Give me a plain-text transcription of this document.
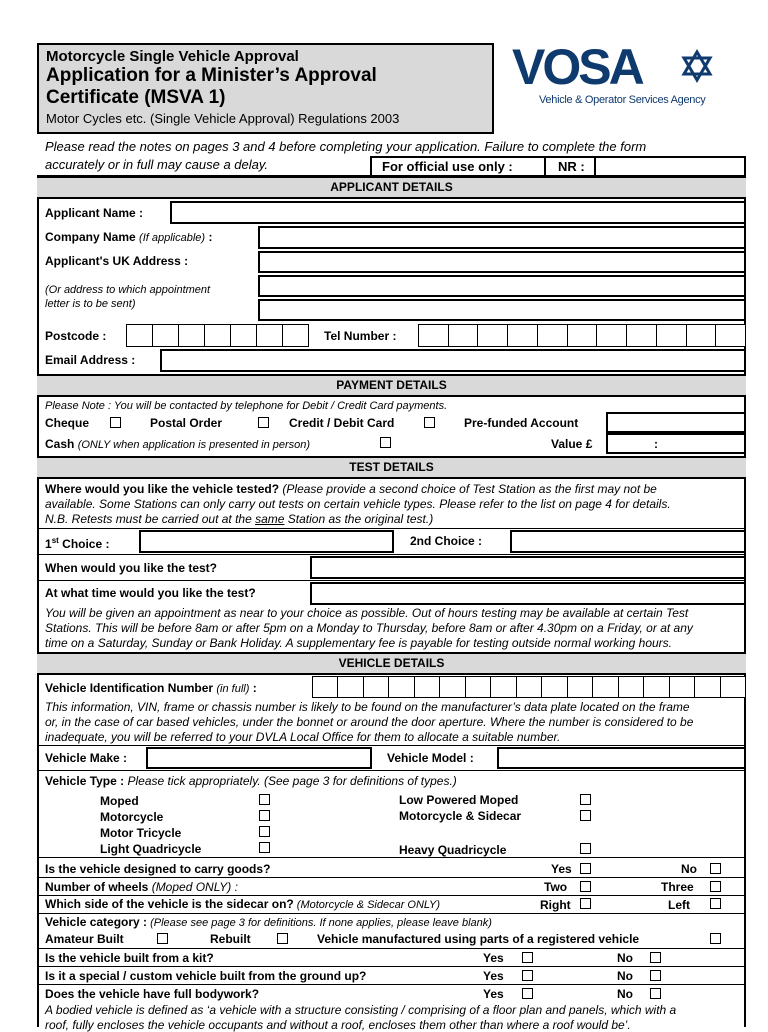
Motorcycle Single Vehicle Approval
Application for a Minister’s Approval
Certificate (MSVA 1)
Motor Cycles etc. (Single Vehicle Approval) Regulations 2003
VOSA
Vehicle & Operator Services Agency
Please read the notes on pages 3 and 4 before completing your application. Failure to complete the form
accurately or in full may cause a delay.	For official use only :	NR :
APPLICANT DETAILS
Applicant Name :
Company Name (If applicable) :
Applicant's UK Address :
(Or address to which appointment
letter is to be sent)
Postcode :	Tel Number :
Email Address :
PAYMENT DETAILS
Please Note : You will be contacted by telephone for Debit / Credit Card payments.
Cheque	Postal Order	Credit / Debit Card	Pre-funded Account
Cash (ONLY when application is presented in person)	Value £	:
TEST DETAILS
Where would you like the vehicle tested? (Please provide a second choice of Test Station as the first may not be
available. Some Stations can only carry out tests on certain vehicle types. Please refer to the list on page 4 for details.
N.B. Retests must be carried out at the same Station as the original test.)
1st Choice :	2nd Choice :
When would you like the test?
At what time would you like the test?
You will be given an appointment as near to your choice as possible. Out of hours testing may be available at certain Test
Stations. This will be before 8am or after 5pm on a Monday to Thursday, before 8am or after 4.30pm on a Friday, or at any
time on a Saturday, Sunday or Bank Holiday. A supplementary fee is payable for testing outside normal working hours.
VEHICLE DETAILS
Vehicle Identification Number (in full) :
This information, VIN, frame or chassis number is likely to be found on the manufacturer’s data plate located on the frame
or, in the case of car based vehicles, under the bonnet or around the door aperture. Where the number is considered to be
inadequate, you will be referred to your DVLA Local Office for them to allocate a suitable number.
Vehicle Make :	Vehicle Model :
Vehicle Type : Please tick appropriately. (See page 3 for definitions of types.)
Moped
Motorcycle
Motor Tricycle
Light Quadricycle
Low Powered Moped
Motorcycle & Sidecar
Heavy Quadricycle
Is the vehicle designed to carry goods?	Yes	No
Number of wheels (Moped ONLY) :	Two	Three
Which side of the vehicle is the sidecar on? (Motorcycle & Sidecar ONLY)	Right	Left
Vehicle category : (Please see page 3 for definitions. If none applies, please leave blank)
Amateur Built	Rebuilt	Vehicle manufactured using parts of a registered vehicle
Is the vehicle built from a kit?	Yes	No
Is it a special / custom vehicle built from the ground up?	Yes	No
Does the vehicle have full bodywork?	Yes	No
A bodied vehicle is defined as ‘a vehicle with a structure consisting / comprising of a floor plan and panels, which with a
roof, fully encloses the vehicle occupants and without a roof, encloses them other than where a roof would be’.
